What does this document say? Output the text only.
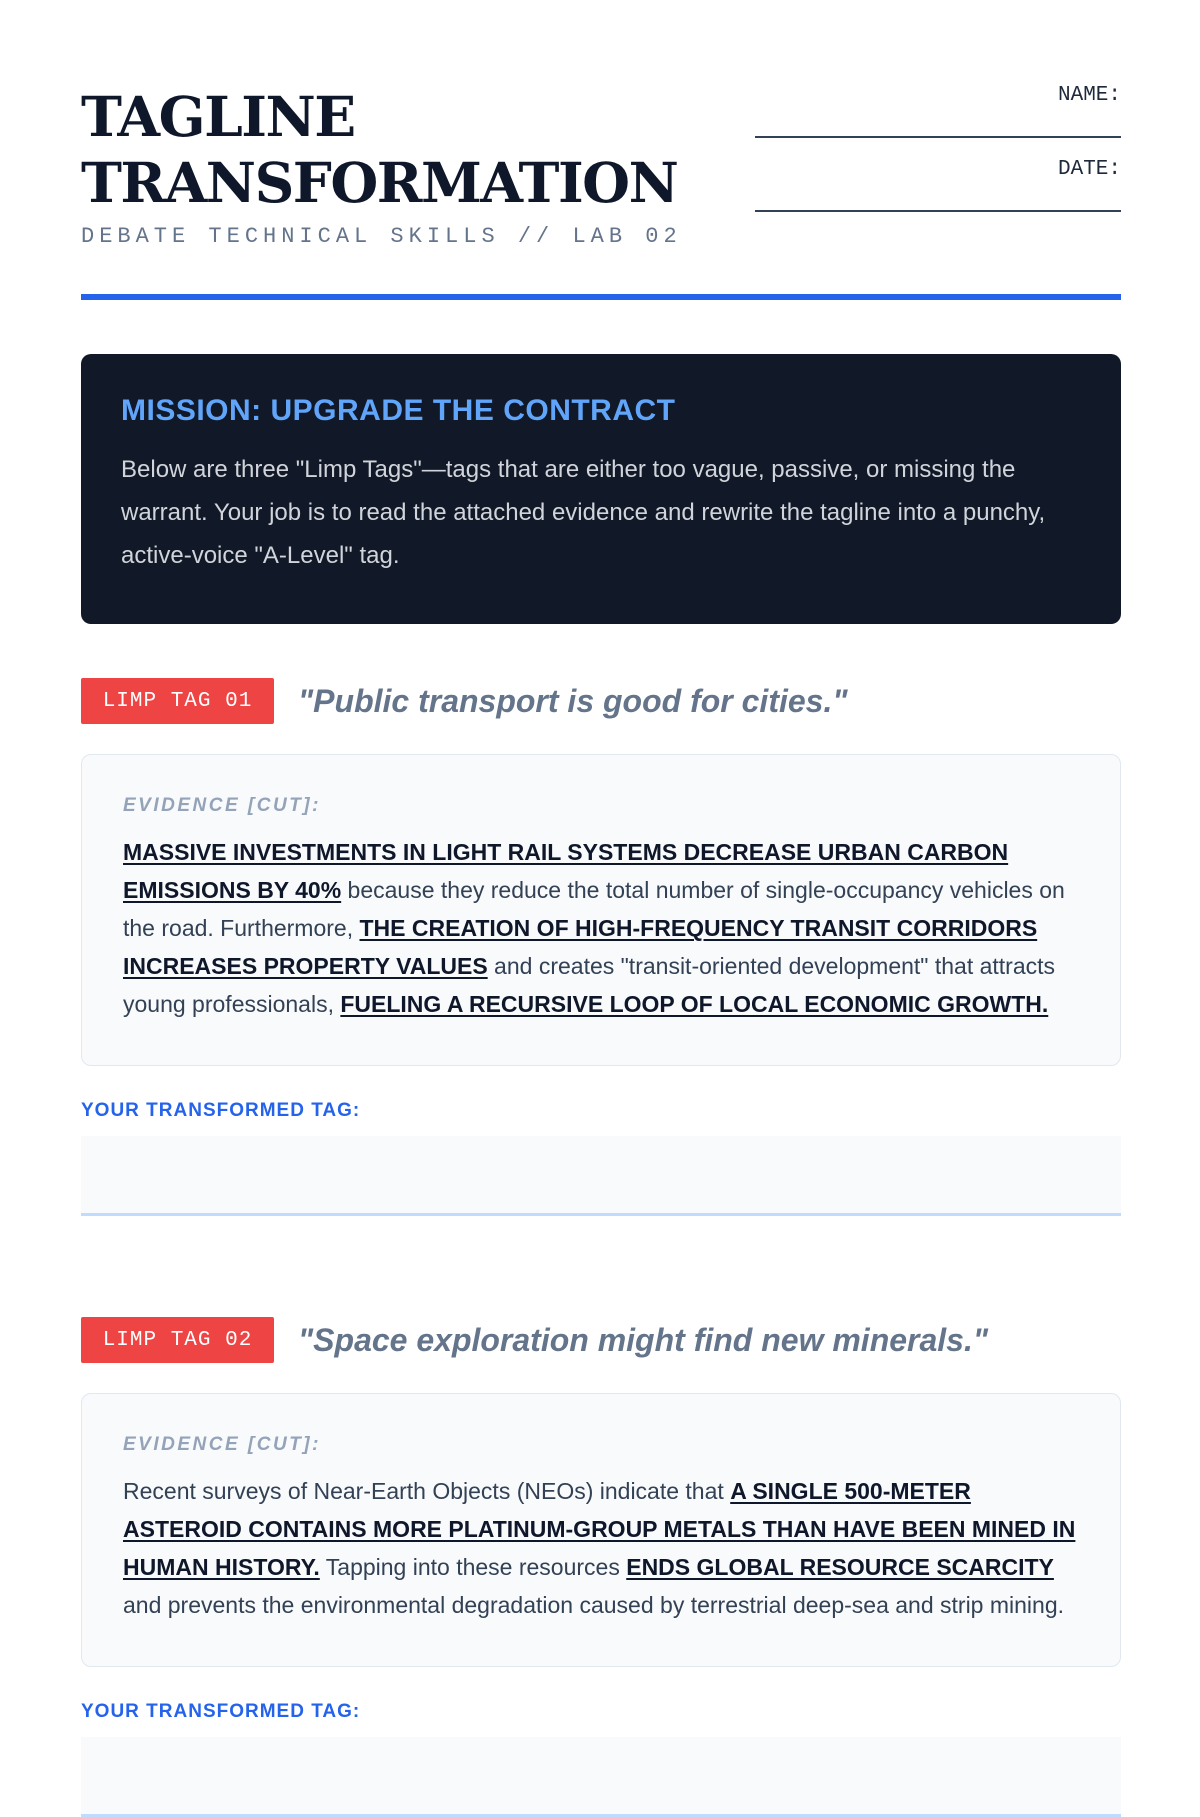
TAGLINE
TRANSFORMATION
DEBATE TECHNICAL SKILLS // LAB 02
NAME:
DATE:
MISSION: UPGRADE THE CONTRACT
Below are three "Limp Tags"—tags that are either too vague, passive, or missing the warrant. Your job is to read the attached evidence and rewrite the tagline into a punchy, active-voice "A-Level" tag.
LIMP TAG 01	"Public transport is good for cities."
EVIDENCE [CUT]:
MASSIVE INVESTMENTS IN LIGHT RAIL SYSTEMS DECREASE URBAN CARBON EMISSIONS BY 40% because they reduce the total number of single-occupancy vehicles on the road. Furthermore, THE CREATION OF HIGH-FREQUENCY TRANSIT CORRIDORS INCREASES PROPERTY VALUES and creates "transit-oriented development" that attracts young professionals, FUELING A RECURSIVE LOOP OF LOCAL ECONOMIC GROWTH.
YOUR TRANSFORMED TAG:
LIMP TAG 02	"Space exploration might find new minerals."
EVIDENCE [CUT]:
Recent surveys of Near-Earth Objects (NEOs) indicate that A SINGLE 500-METER ASTEROID CONTAINS MORE PLATINUM-GROUP METALS THAN HAVE BEEN MINED IN HUMAN HISTORY. Tapping into these resources ENDS GLOBAL RESOURCE SCARCITY and prevents the environmental degradation caused by terrestrial deep-sea and strip mining.
YOUR TRANSFORMED TAG:
